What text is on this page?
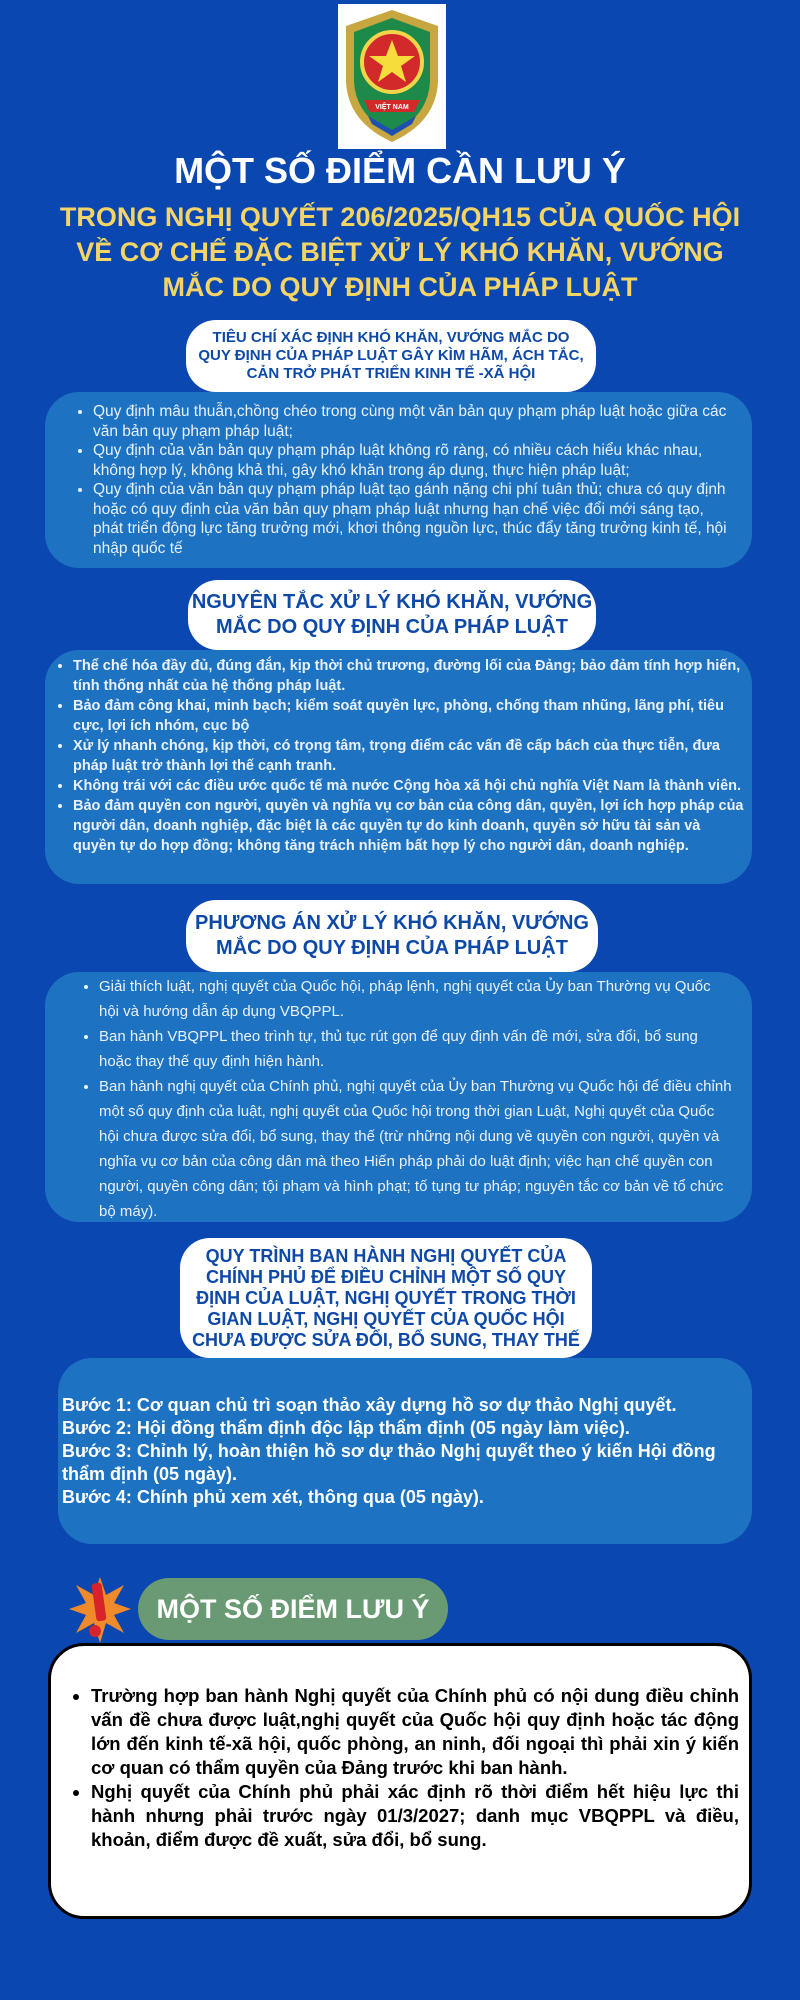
VIỆT NAM
MỘT SỐ ĐIỂM CẦN LƯU Ý
TRONG NGHỊ QUYẾT 206/2025/QH15 CỦA QUỐC HỘI
VỀ CƠ CHẾ ĐẶC BIỆT XỬ LÝ KHÓ KHĂN, VƯỚNG
MẮC DO QUY ĐỊNH CỦA PHÁP LUẬT
TIÊU CHÍ XÁC ĐỊNH KHÓ KHĂN, VƯỚNG MẮC DO
QUY ĐỊNH CỦA PHÁP LUẬT GÂY KÌM HÃM, ÁCH TẮC,
CẢN TRỞ PHÁT TRIỂN KINH TẾ -XÃ HỘI
• Quy định mâu thuẫn,chồng chéo trong cùng một văn bản quy phạm pháp luật hoặc giữa các văn bản quy phạm pháp luật;
• Quy định của văn bản quy phạm pháp luật không rõ ràng, có nhiều cách hiểu khác nhau, không hợp lý, không khả thi, gây khó khăn trong áp dụng, thực hiện pháp luật;
• Quy định của văn bản quy phạm pháp luật tạo gánh nặng chi phí tuân thủ; chưa có quy định hoặc có quy định của văn bản quy phạm pháp luật nhưng hạn chế việc đổi mới sáng tạo, phát triển động lực tăng trưởng mới, khơi thông nguồn lực, thúc đẩy tăng trưởng kinh tế, hội nhập quốc tế
NGUYÊN TẮC XỬ LÝ KHÓ KHĂN, VƯỚNG
MẮC DO QUY ĐỊNH CỦA PHÁP LUẬT
• Thể chế hóa đầy đủ, đúng đắn, kịp thời chủ trương, đường lối của Đảng; bảo đảm tính hợp hiến, tính thống nhất của hệ thống pháp luật.
• Bảo đảm công khai, minh bạch; kiểm soát quyền lực, phòng, chống tham nhũng, lãng phí, tiêu cực, lợi ích nhóm, cục bộ
• Xử lý nhanh chóng, kịp thời, có trọng tâm, trọng điểm các vấn đề cấp bách của thực tiễn, đưa pháp luật trở thành lợi thế cạnh tranh.
• Không trái với các điều ước quốc tế mà nước Cộng hòa xã hội chủ nghĩa Việt Nam là thành viên.
• Bảo đảm quyền con người, quyền và nghĩa vụ cơ bản của công dân, quyền, lợi ích hợp pháp của người dân, doanh nghiệp, đặc biệt là các quyền tự do kinh doanh, quyền sở hữu tài sản và quyền tự do hợp đồng; không tăng trách nhiệm bất hợp lý cho người dân, doanh nghiệp.
PHƯƠNG ÁN XỬ LÝ KHÓ KHĂN, VƯỚNG
MẮC DO QUY ĐỊNH CỦA PHÁP LUẬT
• Giải thích luật, nghị quyết của Quốc hội, pháp lệnh, nghị quyết của Ủy ban Thường vụ Quốc hội và hướng dẫn áp dụng VBQPPL.
• Ban hành VBQPPL theo trình tự, thủ tục rút gọn để quy định vấn đề mới, sửa đổi, bổ sung hoặc thay thế quy định hiện hành.
• Ban hành nghị quyết của Chính phủ, nghị quyết của Ủy ban Thường vụ Quốc hội để điều chỉnh một số quy định của luật, nghị quyết của Quốc hội trong thời gian Luật, Nghị quyết của Quốc hội chưa được sửa đổi, bổ sung, thay thế (trừ những nội dung về quyền con người, quyền và nghĩa vụ cơ bản của công dân mà theo Hiến pháp phải do luật định; việc hạn chế quyền con người, quyền công dân; tội phạm và hình phạt; tố tụng tư pháp; nguyên tắc cơ bản về tổ chức bộ máy).
QUY TRÌNH BAN HÀNH NGHỊ QUYẾT CỦA
CHÍNH PHỦ ĐỂ ĐIỀU CHỈNH MỘT SỐ QUY
ĐỊNH CỦA LUẬT, NGHỊ QUYẾT TRONG THỜI
GIAN LUẬT, NGHỊ QUYẾT CỦA QUỐC HỘI
CHƯA ĐƯỢC SỬA ĐỔI, BỔ SUNG, THAY THẾ
Bước 1: Cơ quan chủ trì soạn thảo xây dựng hồ sơ dự thảo Nghị quyết.
Bước 2: Hội đồng thẩm định độc lập thẩm định (05 ngày làm việc).
Bước 3: Chỉnh lý, hoàn thiện hồ sơ dự thảo Nghị quyết theo ý kiến Hội đồng thẩm định (05 ngày).
Bước 4: Chính phủ xem xét, thông qua (05 ngày).
MỘT SỐ ĐIỂM LƯU Ý
• Trường hợp ban hành Nghị quyết của Chính phủ có nội dung điều chỉnh vấn đề chưa được luật,nghị quyết của Quốc hội quy định hoặc tác động lớn đến kinh tế-xã hội, quốc phòng, an ninh, đối ngoại thì phải xin ý kiến cơ quan có thẩm quyền của Đảng trước khi ban hành.
• Nghị quyết của Chính phủ phải xác định rõ thời điểm hết hiệu lực thi hành nhưng phải trước ngày 01/3/2027; danh mục VBQPPL và điều, khoản, điểm được đề xuất, sửa đổi, bổ sung.
